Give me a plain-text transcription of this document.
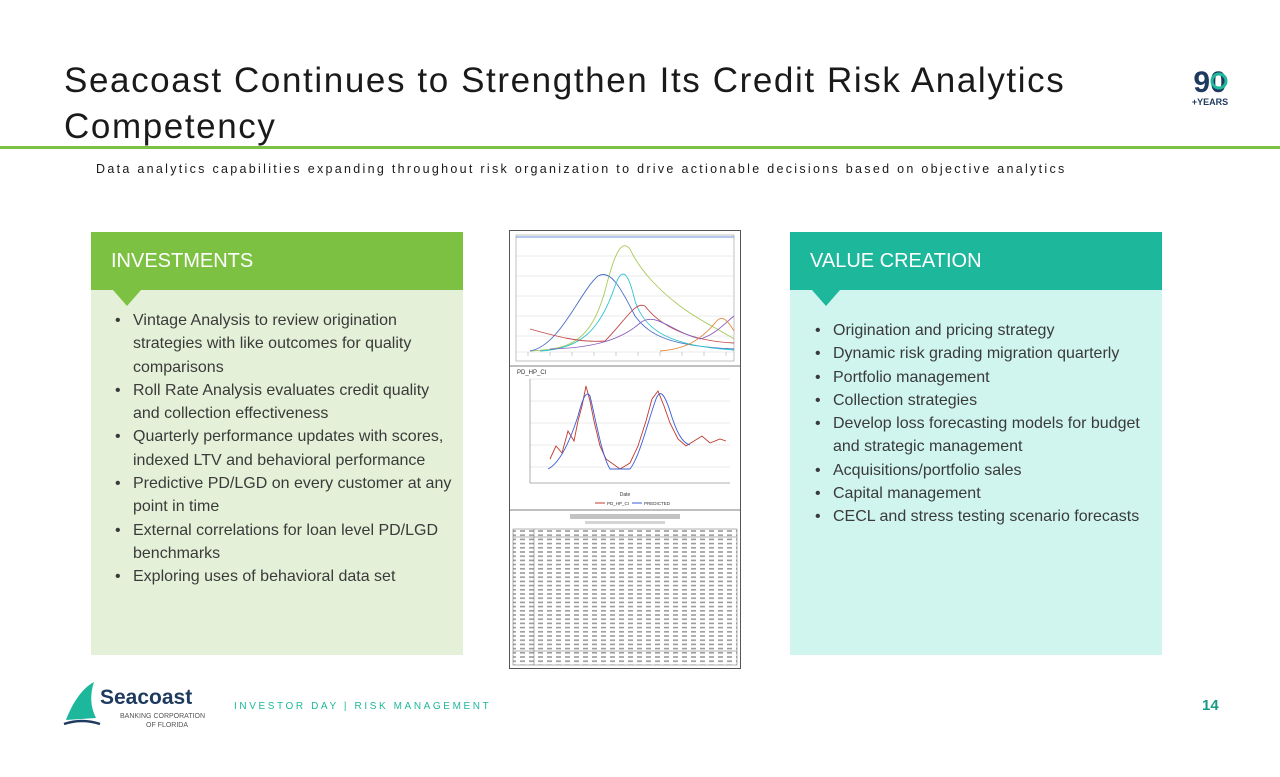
Seacoast Continues to Strengthen Its Credit Risk Analytics Competency

Data analytics capabilities expanding throughout risk organization to drive actionable decisions based on objective analytics

90
+YEARS
INVESTMENTS
• Vintage Analysis to review origination strategies with like outcomes for quality comparisons
• Roll Rate Analysis evaluates credit quality and collection effectiveness
• Quarterly performance updates with scores, indexed LTV and behavioral performance
• Predictive PD/LGD on every customer at any point in time
• External correlations for loan level PD/LGD benchmarks
• Exploring uses of behavioral data set
PD_HP_CI
Date
PD_HP_CI	PREDICTED
VALUE CREATION
• Origination and pricing strategy
• Dynamic risk grading migration quarterly
• Portfolio management
• Collection strategies
• Develop loss forecasting models for budget and strategic management
• Acquisitions/portfolio sales
• Capital management
• CECL and stress testing scenario forecasts
Seacoast
BANKING CORPORATION
OF FLORIDA
INVESTOR DAY | RISK MANAGEMENT	14
